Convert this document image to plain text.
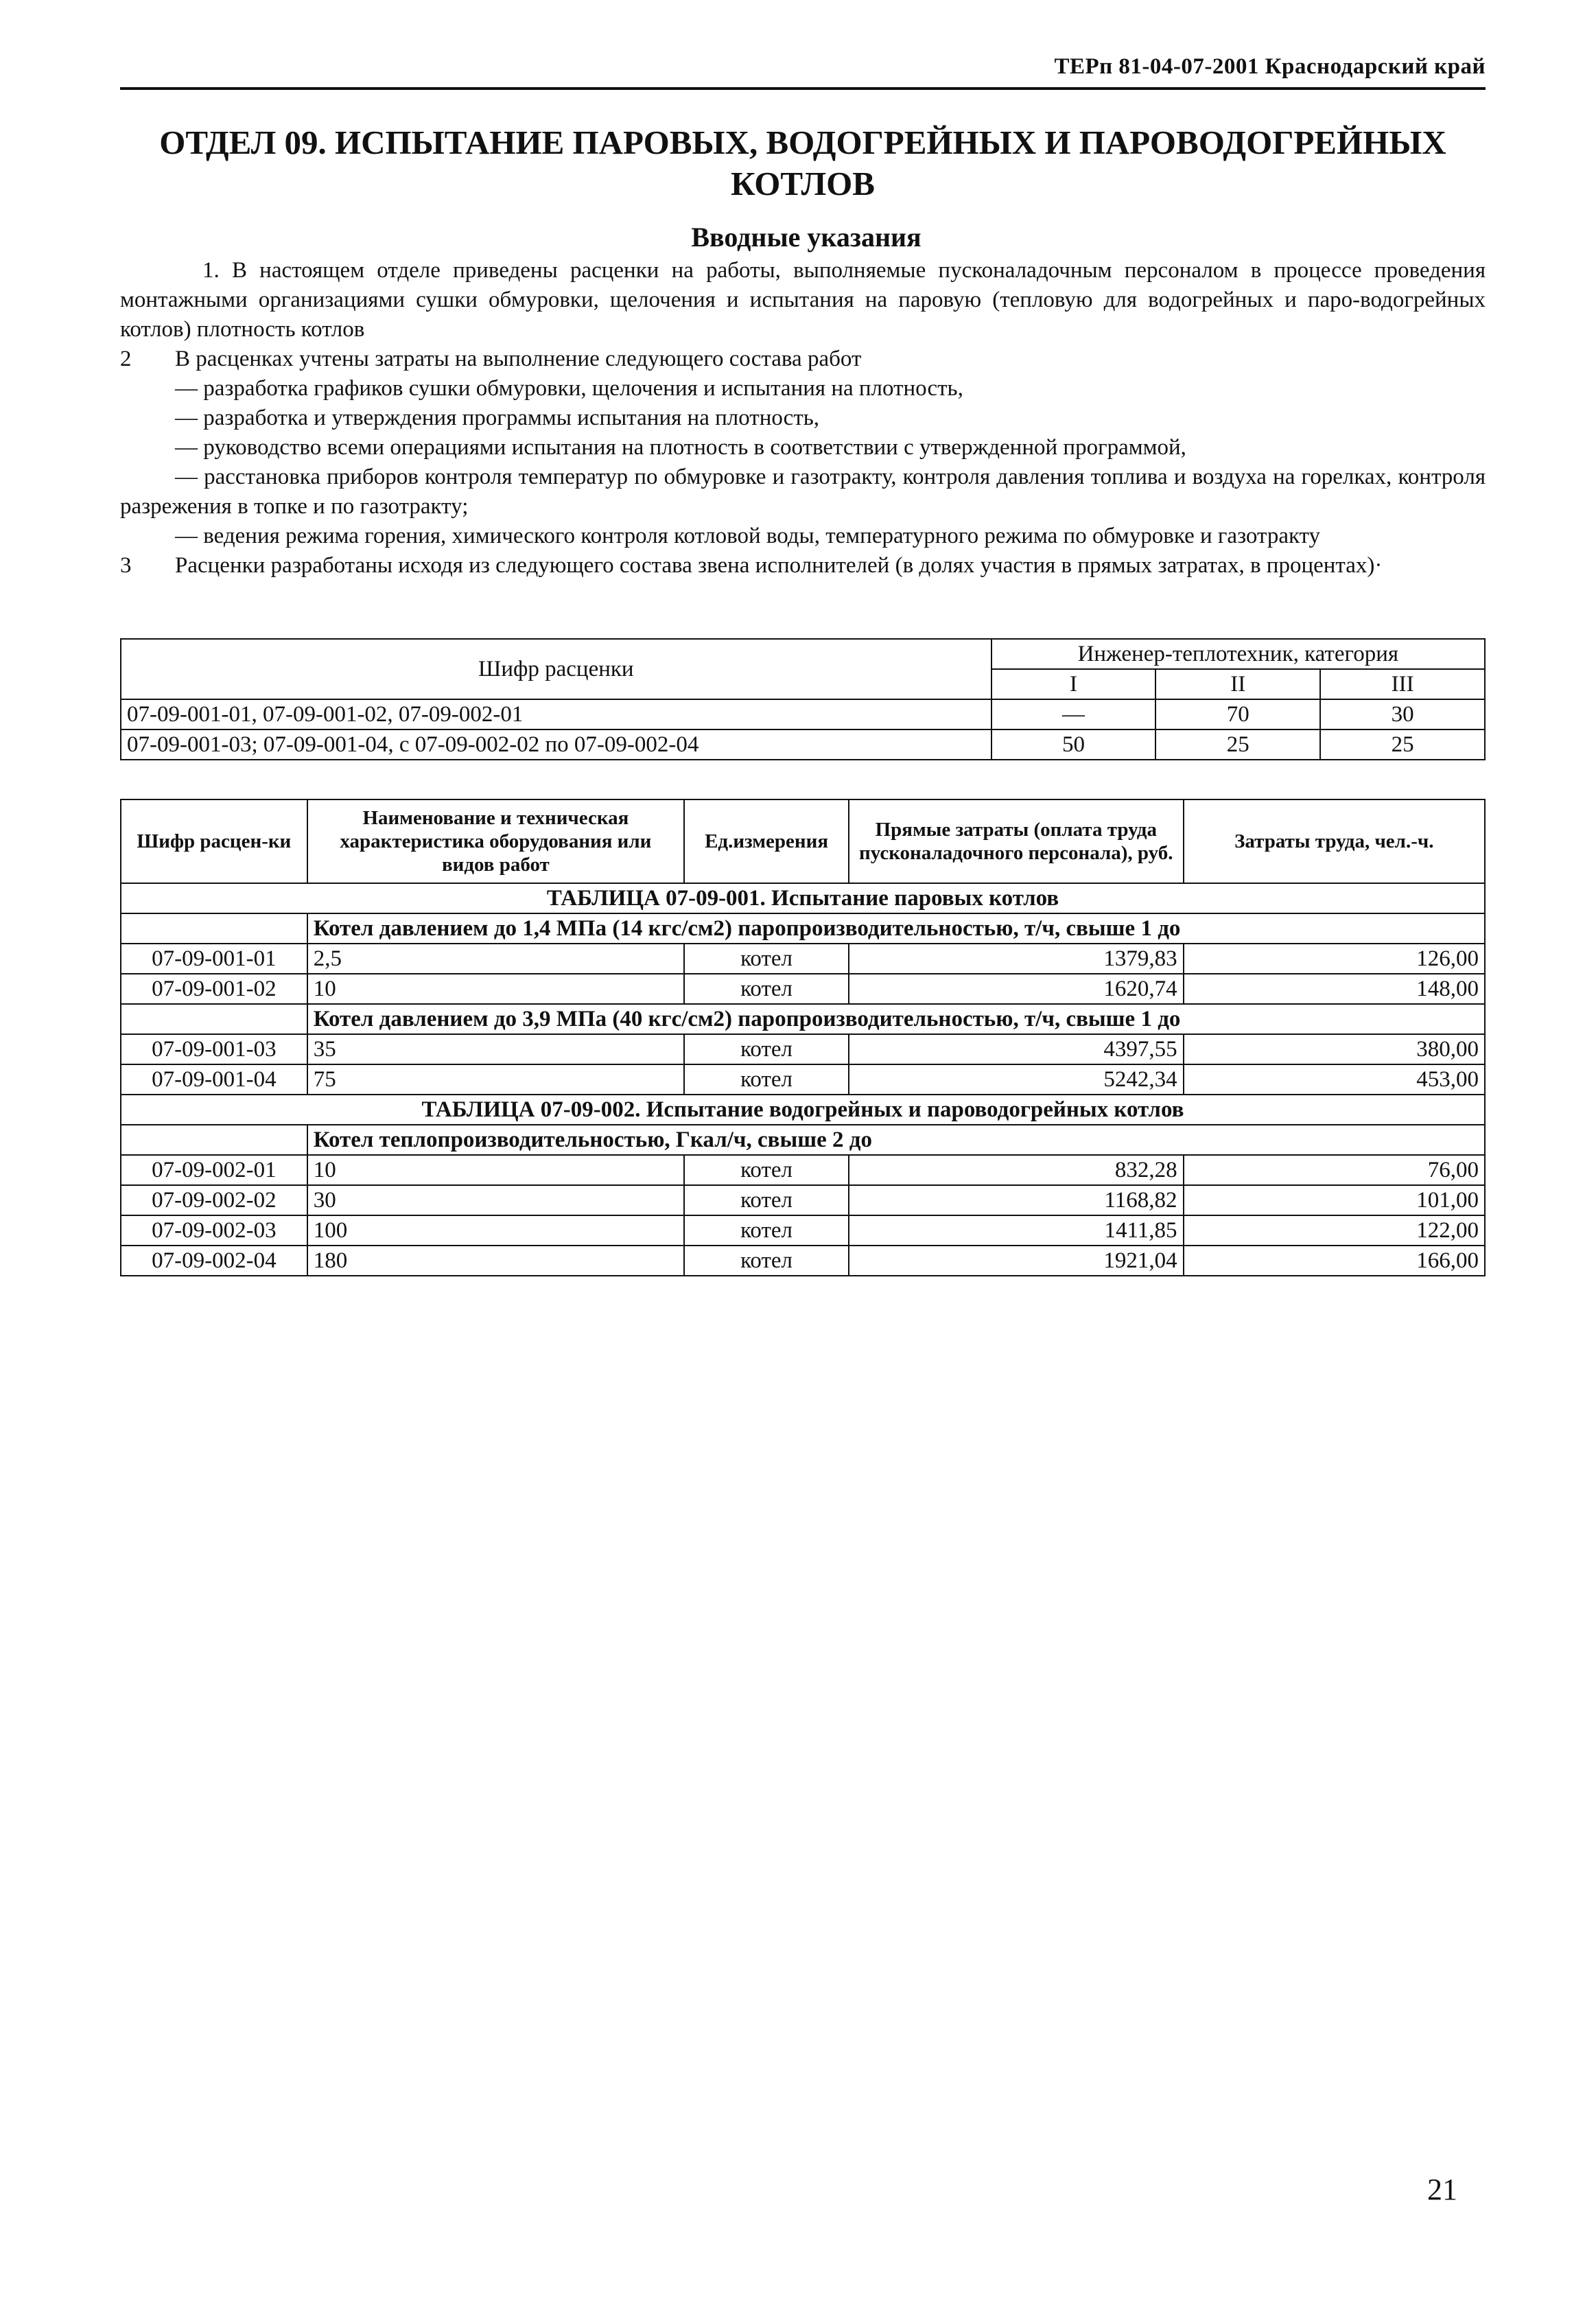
ТЕРп 81-04-07-2001 Краснодарский край
ОТДЕЛ 09. ИСПЫТАНИЕ ПАРОВЫХ, ВОДОГРЕЙНЫХ И ПАРОВОДОГРЕЙНЫХ
КОТЛОВ
Вводные указания

1. В настоящем отделе приведены расценки на работы, выполняемые пусконаладочным персоналом в процессе проведения монтажными организациями сушки обмуровки, щелочения и испытания на паровую (тепловую для водогрейных и паро-водогрейных котлов) плотность котлов

2 В расценках учтены затраты на выполнение следующего состава работ

— разработка графиков сушки обмуровки, щелочения и испытания на плотность,

— разработка и утверждения программы испытания на плотность,

— руководство всеми операциями испытания на плотность в соответствии с утвержденной программой,

— расстановка приборов контроля температур по обмуровке и газотракту, контроля давления топлива и воздуха на горелках, контроля разрежения в топке и по газотракту;

— ведения режима горения, химического контроля котловой воды, температурного режима по обмуровке и газотракту

3 Расценки разработаны исходя из следующего состава звена исполнителей (в долях участия в прямых затратах, в процентах)·

Шифр расценки	Инженер-теплотехник, категория		
	I	II	III
07-09-001-01, 07-09-001-02, 07-09-002-01	—	70	30
07-09-001-03; 07-09-001-04, с 07-09-002-02 по 07-09-002-04	50	25	25
Шифр расцен-ки	Наименование и техническая характеристика оборудования или видов работ	Ед.измерения	Прямые затраты (оплата труда пусконаладочного персонала), руб.	Затраты труда, чел.-ч.
ТАБЛИЦА 07-09-001. Испытание паровых котлов				
	Котел давлением до 1,4 МПа (14 кгс/см2) паропроизводительностью, т/ч, свыше 1 до			
07-09-001-01	2,5	котел	1379,83	126,00
07-09-001-02	10	котел	1620,74	148,00
	Котел давлением до 3,9 МПа (40 кгс/см2) паропроизводительностью, т/ч, свыше 1 до			
07-09-001-03	35	котел	4397,55	380,00
07-09-001-04	75	котел	5242,34	453,00
ТАБЛИЦА 07-09-002. Испытание водогрейных и пароводогрейных котлов				
	Котел теплопроизводительностью, Гкал/ч, свыше 2 до			
07-09-002-01	10	котел	832,28	76,00
07-09-002-02	30	котел	1168,82	101,00
07-09-002-03	100	котел	1411,85	122,00
07-09-002-04	180	котел	1921,04	166,00
21
